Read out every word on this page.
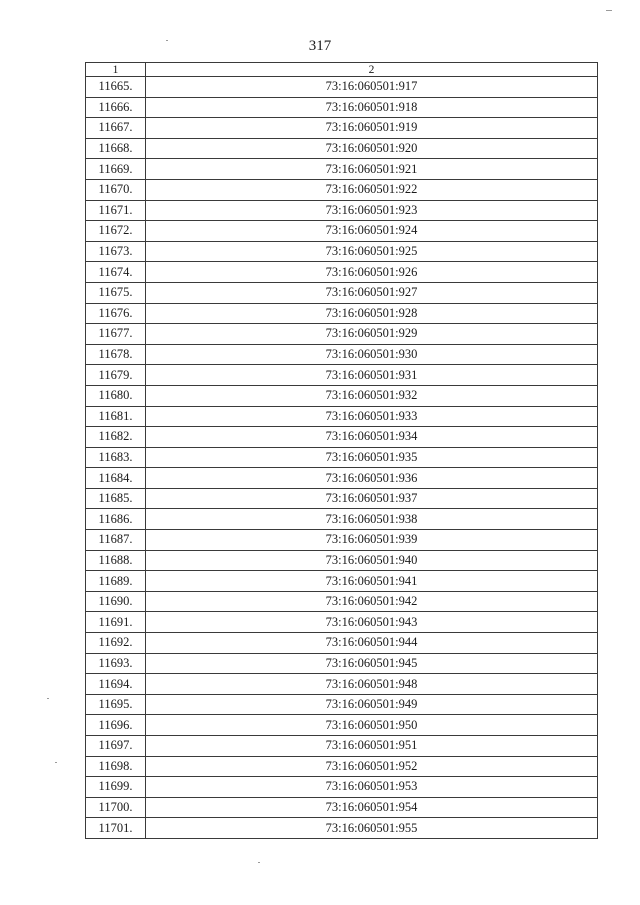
317
1	2
11665.	73:16:060501:917
11666.	73:16:060501:918
11667.	73:16:060501:919
11668.	73:16:060501:920
11669.	73:16:060501:921
11670.	73:16:060501:922
11671.	73:16:060501:923
11672.	73:16:060501:924
11673.	73:16:060501:925
11674.	73:16:060501:926
11675.	73:16:060501:927
11676.	73:16:060501:928
11677.	73:16:060501:929
11678.	73:16:060501:930
11679.	73:16:060501:931
11680.	73:16:060501:932
11681.	73:16:060501:933
11682.	73:16:060501:934
11683.	73:16:060501:935
11684.	73:16:060501:936
11685.	73:16:060501:937
11686.	73:16:060501:938
11687.	73:16:060501:939
11688.	73:16:060501:940
11689.	73:16:060501:941
11690.	73:16:060501:942
11691.	73:16:060501:943
11692.	73:16:060501:944
11693.	73:16:060501:945
11694.	73:16:060501:948
11695.	73:16:060501:949
11696.	73:16:060501:950
11697.	73:16:060501:951
11698.	73:16:060501:952
11699.	73:16:060501:953
11700.	73:16:060501:954
11701.	73:16:060501:955
